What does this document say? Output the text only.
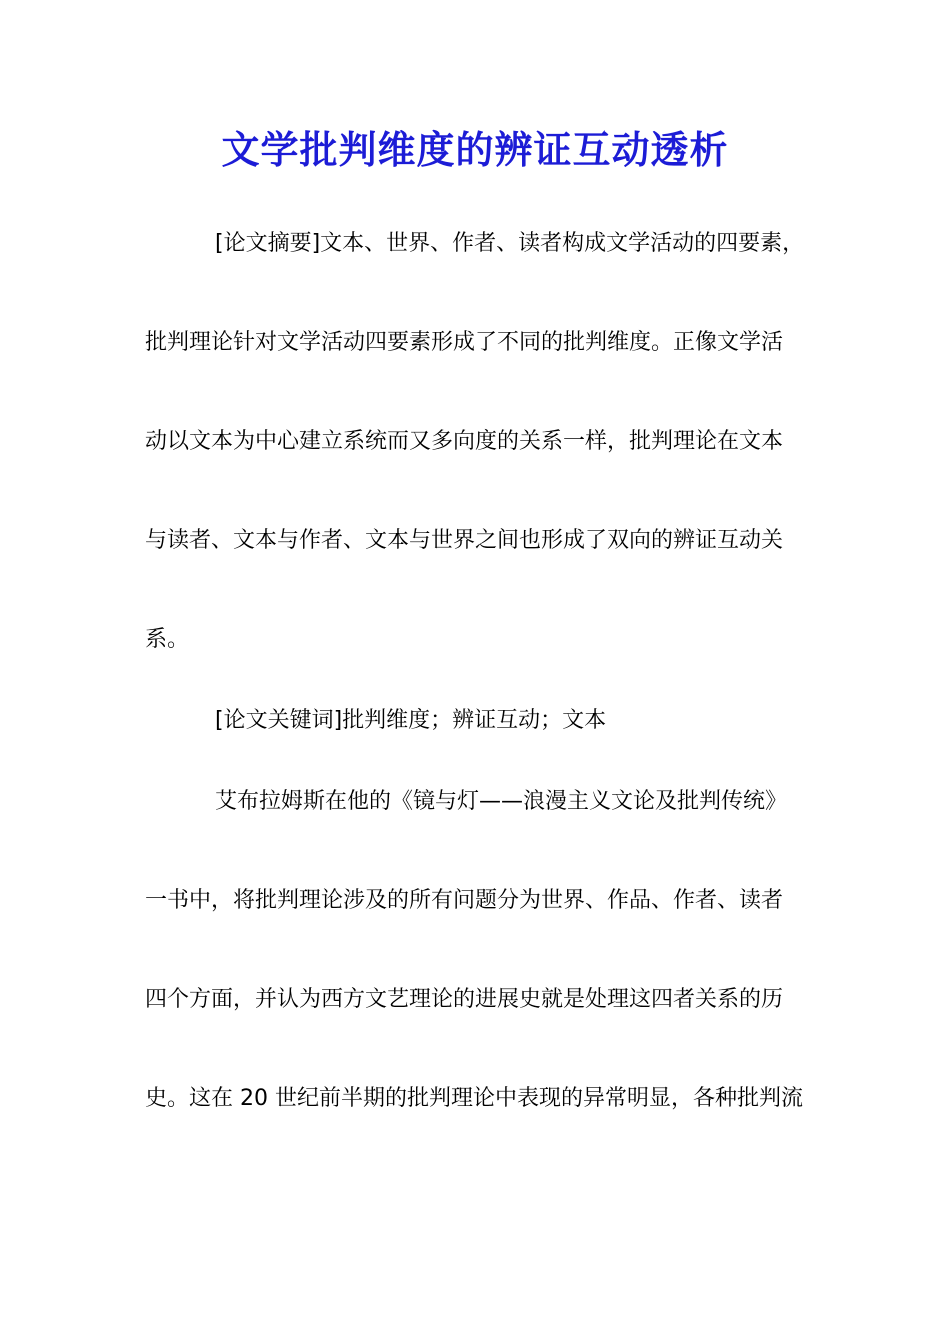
文学批判维度的辨证互动透析
[论文摘要]文本、世界、作者、读者构成文学活动的四要素，
批判理论针对文学活动四要素形成了不同的批判维度。正像文学活
动以文本为中心建立系统而又多向度的关系一样，批判理论在文本
与读者、文本与作者、文本与世界之间也形成了双向的辨证互动关
系。
[论文关键词]批判维度；辨证互动；文本
艾布拉姆斯在他的《镜与灯——浪漫主义文论及批判传统》
一书中，将批判理论涉及的所有问题分为世界、作品、作者、读者
四个方面，并认为西方文艺理论的进展史就是处理这四者关系的历
史。这在 20 世纪前半期的批判理论中表现的异常明显，各种批判流
